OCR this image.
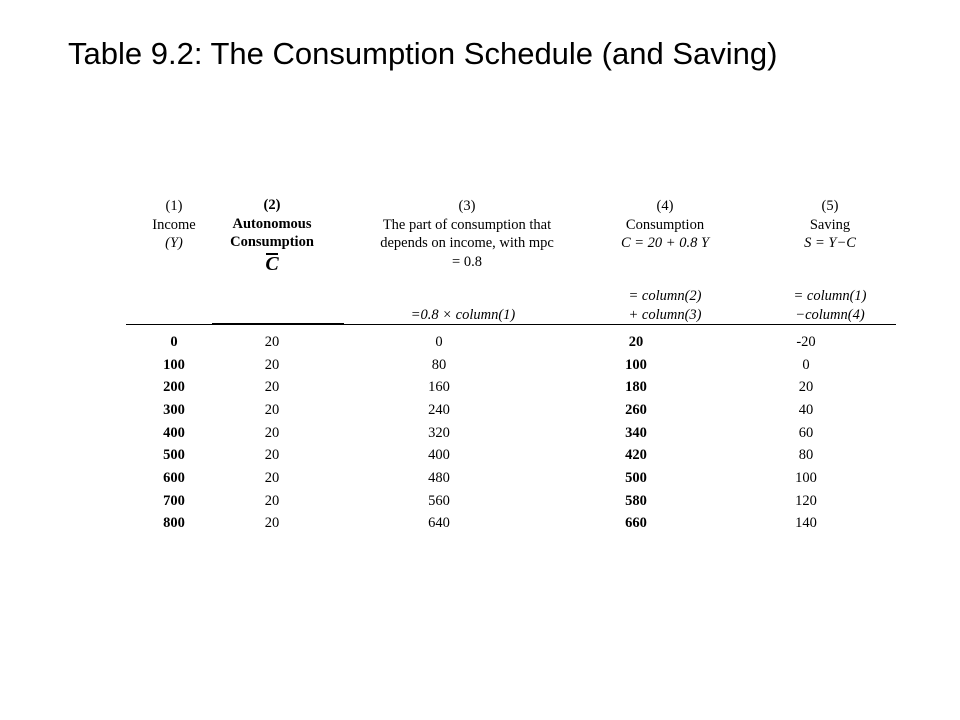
Table 9.2: The Consumption Schedule (and Saving)
(1)
Income
(Y)
(2)
Autonomous
Consumption
C
(3)
The part of consumption that
depends on income, with mpc
= 0.8
(4)
Consumption
C = 20 + 0.8 Y
(5)
Saving
S = Y−C
=0.8 × column(1)
= column(2)
+ column(3)
= column(1)
−column(4)
0	20	0	20	-20
100	20	80	100	0
200	20	160	180	20
300	20	240	260	40
400	20	320	340	60
500	20	400	420	80
600	20	480	500	100
700	20	560	580	120
800	20	640	660	140
